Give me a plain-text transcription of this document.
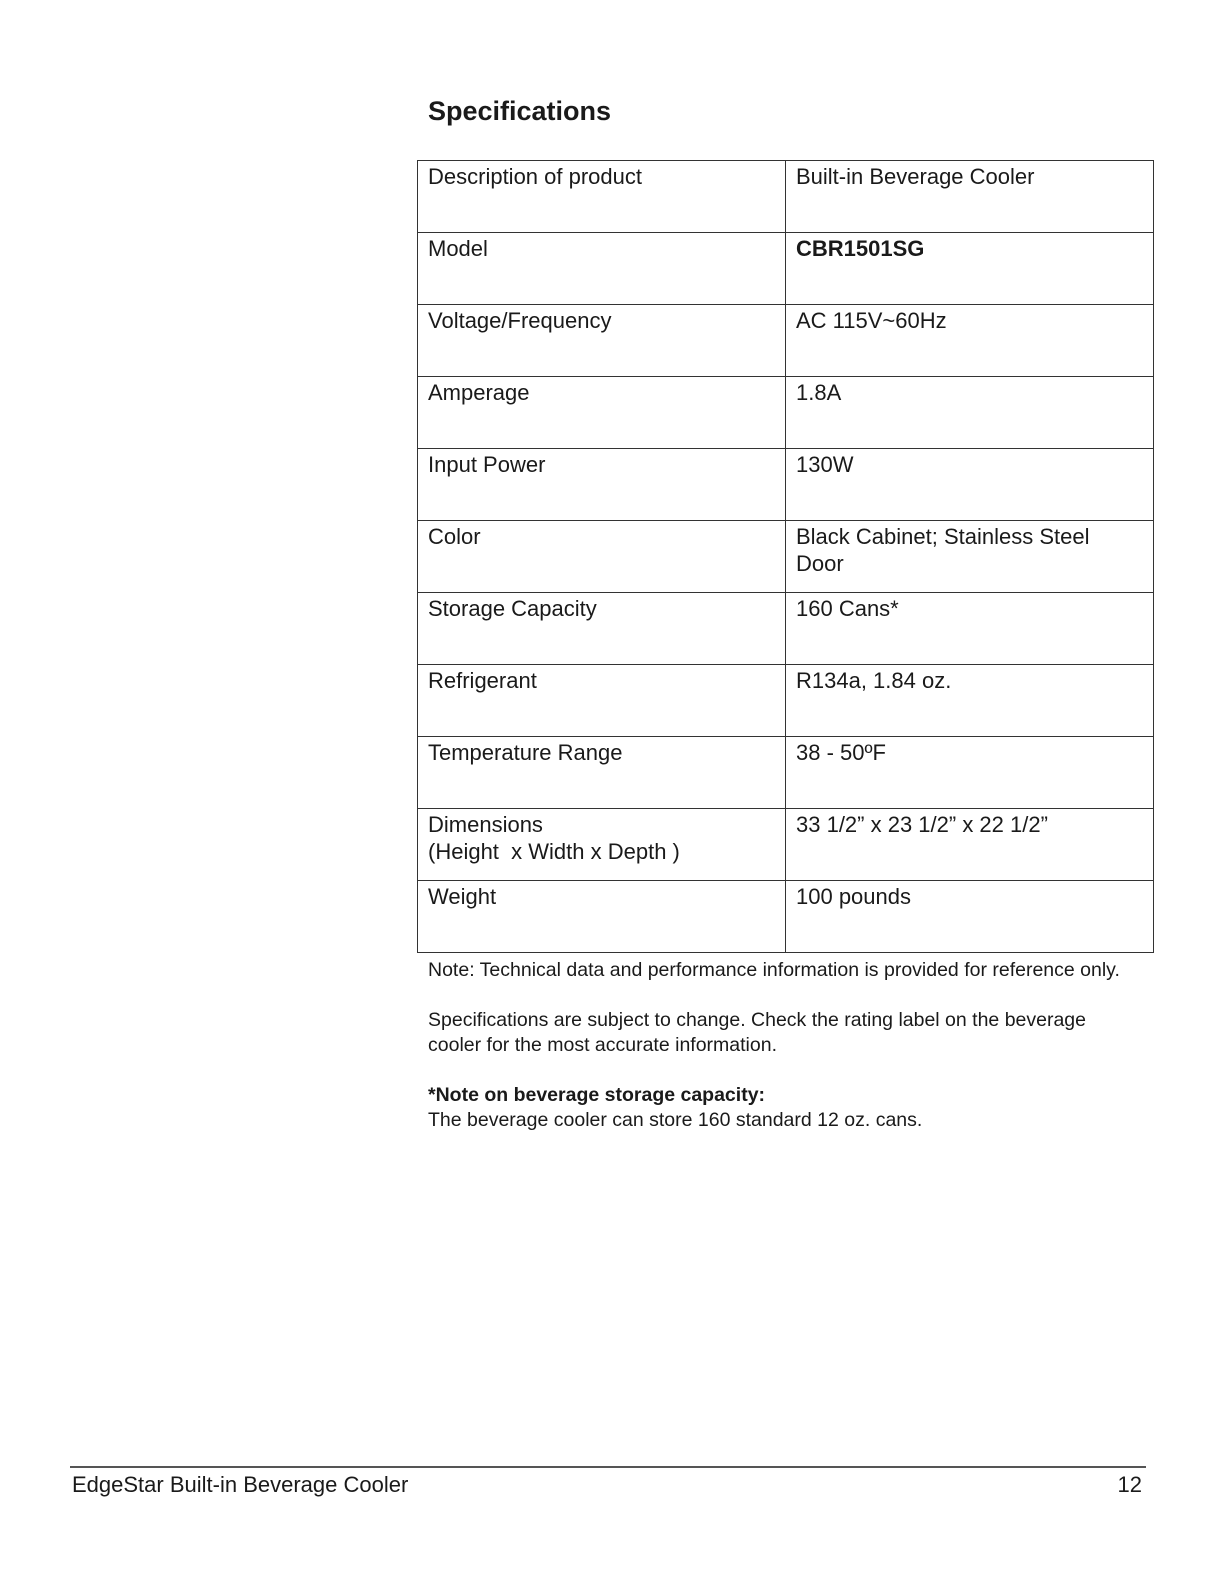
Specifications
Description of product	Built-in Beverage Cooler
Model	CBR1501SG
Voltage/Frequency	AC 115V~60Hz
Amperage	1.8A
Input Power	130W
Color	Black Cabinet; Stainless Steel Door
Storage Capacity	160 Cans*
Refrigerant	R134a, 1.84 oz.
Temperature Range	38 - 50ºF

Dimensions
(Height  x Width x Depth )	33 1/2” x 23 1/2” x 22 1/2”
Weight	100 pounds

Note: Technical data and performance information is provided for reference only.

Specifications are subject to change. Check the rating label on the beverage cooler for the most accurate information.

*Note on beverage storage capacity:
The beverage cooler can store 160 standard 12 oz. cans.

EdgeStar Built-in Beverage Cooler	12
